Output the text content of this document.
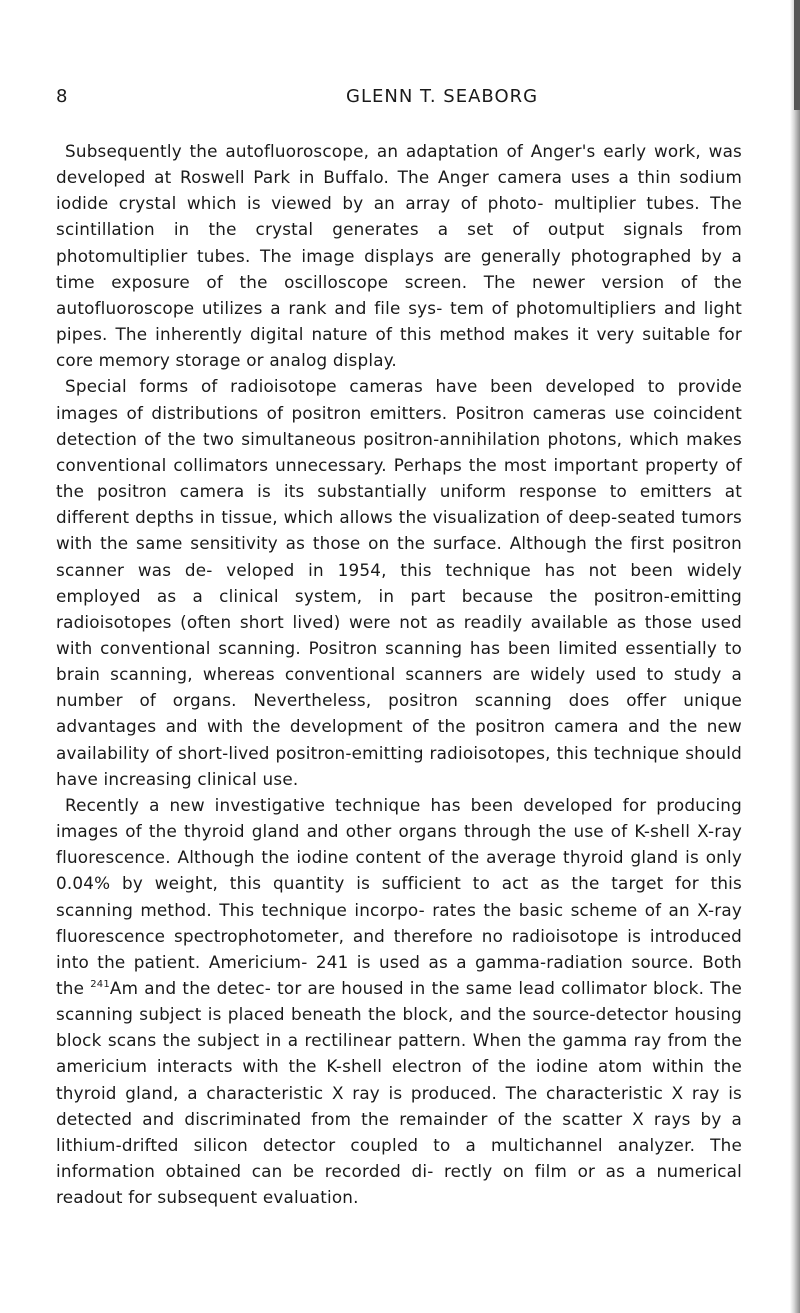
8	GLENN T. SEABORG

Subsequently the autofluoroscope, an adaptation of Anger's early work, was developed at Roswell Park in Buffalo. The Anger camera uses a thin sodium iodide crystal which is viewed by an array of photo- multiplier tubes. The scintillation in the crystal generates a set of output signals from photomultiplier tubes. The image displays are generally photographed by a time exposure of the oscilloscope screen. The newer version of the autofluoroscope utilizes a rank and file sys- tem of photomultipliers and light pipes. The inherently digital nature of this method makes it very suitable for core memory storage or analog display.

Special forms of radioisotope cameras have been developed to provide images of distributions of positron emitters. Positron cameras use coincident detection of the two simultaneous positron-annihilation photons, which makes conventional collimators unnecessary. Perhaps the most important property of the positron camera is its substantially uniform response to emitters at different depths in tissue, which allows the visualization of deep-seated tumors with the same sensitivity as those on the surface. Although the first positron scanner was de- veloped in 1954, this technique has not been widely employed as a clinical system, in part because the positron-emitting radioisotopes (often short lived) were not as readily available as those used with conventional scanning. Positron scanning has been limited essentially to brain scanning, whereas conventional scanners are widely used to study a number of organs. Nevertheless, positron scanning does offer unique advantages and with the development of the positron camera and the new availability of short-lived positron-emitting radioisotopes, this technique should have increasing clinical use.

Recently a new investigative technique has been developed for producing images of the thyroid gland and other organs through the use of K-shell X-ray fluorescence. Although the iodine content of the average thyroid gland is only 0.04% by weight, this quantity is sufficient to act as the target for this scanning method. This technique incorpo- rates the basic scheme of an X-ray fluorescence spectrophotometer, and therefore no radioisotope is introduced into the patient. Americium- 241 is used as a gamma-radiation source. Both the $^{241}$Am and the detec- tor are housed in the same lead collimator block. The scanning subject is placed beneath the block, and the source-detector housing block scans the subject in a rectilinear pattern. When the gamma ray from the americium interacts with the K-shell electron of the iodine atom within the thyroid gland, a characteristic X ray is produced. The characteristic X ray is detected and discriminated from the remainder of the scatter X rays by a lithium-drifted silicon detector coupled to a multichannel analyzer. The information obtained can be recorded di- rectly on film or as a numerical readout for subsequent evaluation.
